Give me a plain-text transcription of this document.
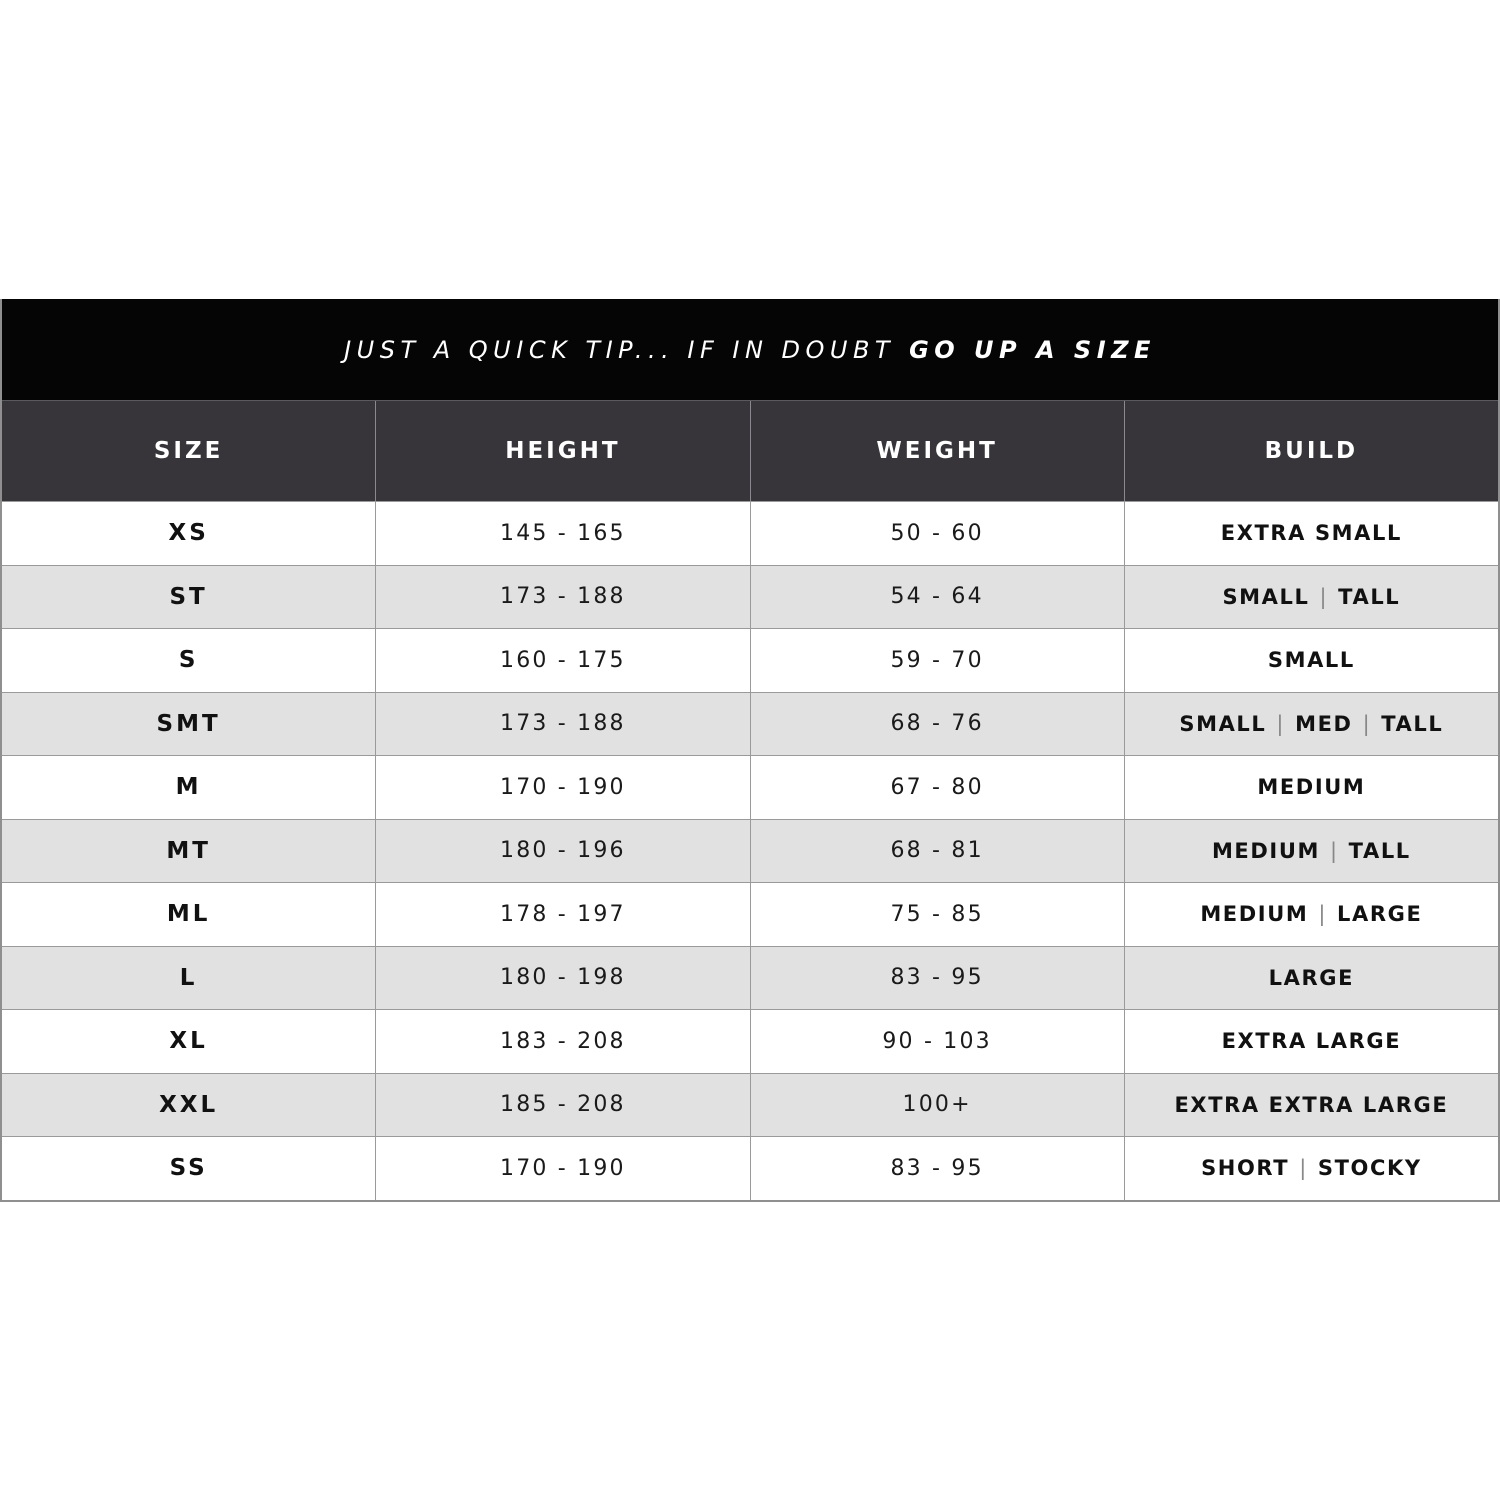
JUST A QUICK TIP... IF IN DOUBT GO UP A SIZE
SIZE	HEIGHT	WEIGHT	BUILD
XS	145 - 165	50 - 60	EXTRA SMALL
ST	173 - 188	54 - 64	SMALL | TALL
S	160 - 175	59 - 70	SMALL
SMT	173 - 188	68 - 76	SMALL | MED | TALL
M	170 - 190	67 - 80	MEDIUM
MT	180 - 196	68 - 81	MEDIUM | TALL
ML	178 - 197	75 - 85	MEDIUM | LARGE
L	180 - 198	83 - 95	LARGE
XL	183 - 208	90 - 103	EXTRA LARGE
XXL	185 - 208	100+	EXTRA EXTRA LARGE
SS	170 - 190	83 - 95	SHORT | STOCKY
